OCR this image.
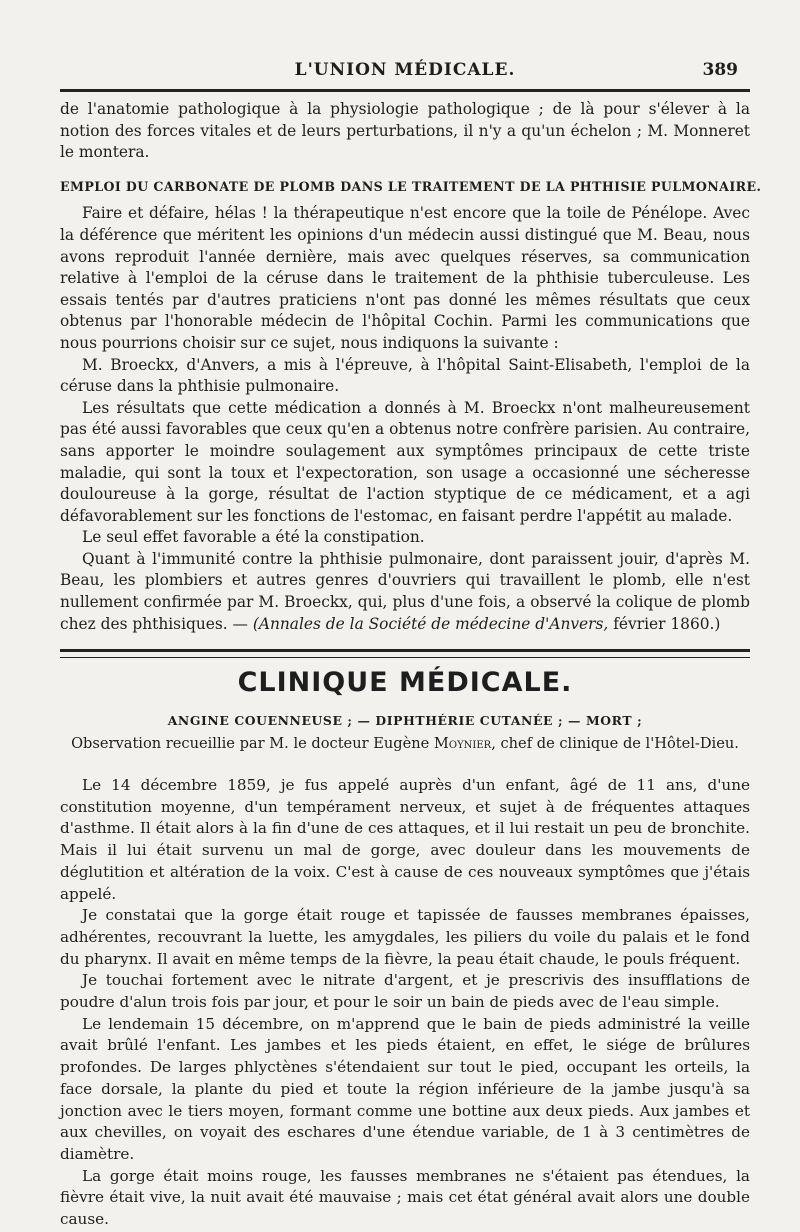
L'UNION MÉDICALE.	389

de l'anatomie pathologique à la physiologie pathologique ; de là pour s'élever à la notion des forces vitales et de leurs perturbations, il n'y a qu'un échelon ; M. Monneret le montera.

EMPLOI DU CARBONATE DE PLOMB DANS LE TRAITEMENT DE LA PHTHISIE PULMONAIRE.

Faire et défaire, hélas ! la thérapeutique n'est encore que la toile de Pénélope. Avec la déférence que méritent les opinions d'un médecin aussi distingué que M. Beau, nous avons reproduit l'année dernière, mais avec quelques réserves, sa communication relative à l'emploi de la céruse dans le traitement de la phthisie tuberculeuse. Les essais tentés par d'autres praticiens n'ont pas donné les mêmes résultats que ceux obtenus par l'honorable médecin de l'hôpital Cochin. Parmi les communications que nous pourrions choisir sur ce sujet, nous indiquons la suivante :

M. Broeckx, d'Anvers, a mis à l'épreuve, à l'hôpital Saint-Elisabeth, l'emploi de la céruse dans la phthisie pulmonaire.

Les résultats que cette médication a donnés à M. Broeckx n'ont malheureusement pas été aussi favorables que ceux qu'en a obtenus notre confrère parisien. Au contraire, sans apporter le moindre soulagement aux symptômes principaux de cette triste maladie, qui sont la toux et l'expectoration, son usage a occasionné une sécheresse douloureuse à la gorge, résultat de l'action styptique de ce médicament, et a agi défavorablement sur les fonctions de l'estomac, en faisant perdre l'appétit au malade.

Le seul effet favorable a été la constipation.

Quant à l'immunité contre la phthisie pulmonaire, dont paraissent jouir, d'après M. Beau, les plombiers et autres genres d'ouvriers qui travaillent le plomb, elle n'est nullement confirmée par M. Broeckx, qui, plus d'une fois, a observé la colique de plomb chez des phthisiques. — (Annales de la Société de médecine d'Anvers, février 1860.)

CLINIQUE MÉDICALE.

ANGINE COUENNEUSE ; — DIPHTHÉRIE CUTANÉE ; — MORT ;

Observation recueillie par M. le docteur Eugène Moynier, chef de clinique de l'Hôtel-Dieu.

Le 14 décembre 1859, je fus appelé auprès d'un enfant, âgé de 11 ans, d'une constitution moyenne, d'un tempérament nerveux, et sujet à de fréquentes attaques d'asthme. Il était alors à la fin d'une de ces attaques, et il lui restait un peu de bronchite. Mais il lui était survenu un mal de gorge, avec douleur dans les mouvements de déglutition et altération de la voix. C'est à cause de ces nouveaux symptômes que j'étais appelé.

Je constatai que la gorge était rouge et tapissée de fausses membranes épaisses, adhérentes, recouvrant la luette, les amygdales, les piliers du voile du palais et le fond du pharynx. Il avait en même temps de la fièvre, la peau était chaude, le pouls fréquent.

Je touchai fortement avec le nitrate d'argent, et je prescrivis des insufflations de poudre d'alun trois fois par jour, et pour le soir un bain de pieds avec de l'eau simple.

Le lendemain 15 décembre, on m'apprend que le bain de pieds administré la veille avait brûlé l'enfant. Les jambes et les pieds étaient, en effet, le siége de brûlures profondes. De larges phlyctènes s'étendaient sur tout le pied, occupant les orteils, la face dorsale, la plante du pied et toute la région inférieure de la jambe jusqu'à sa jonction avec le tiers moyen, formant comme une bottine aux deux pieds. Aux jambes et aux chevilles, on voyait des eschares d'une étendue variable, de 1 à 3 centimètres de diamètre.

La gorge était moins rouge, les fausses membranes ne s'étaient pas étendues, la fièvre était vive, la nuit avait été mauvaise ; mais cet état général avait alors une double cause.
